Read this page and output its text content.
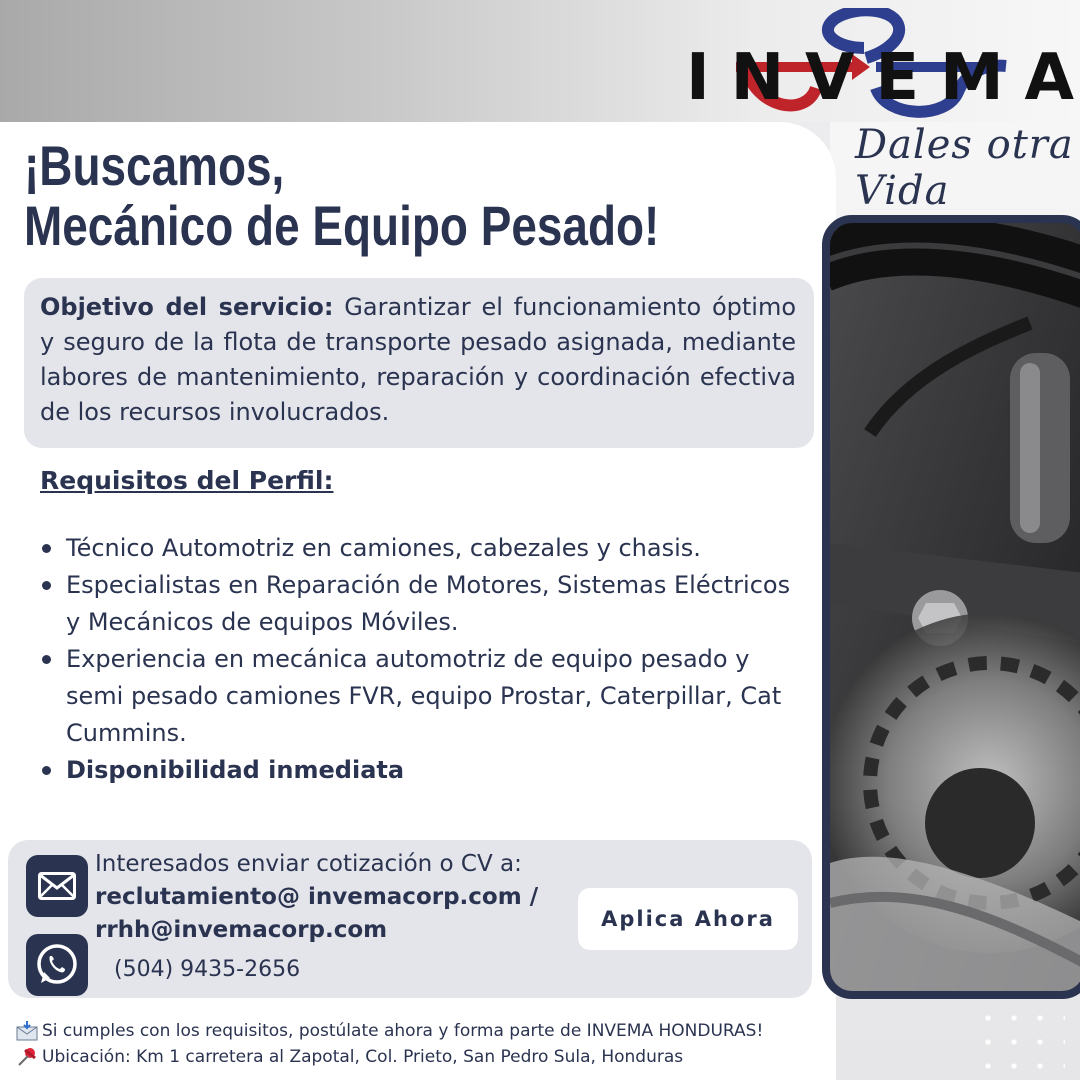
I N V E M A
Dales otra Vida
¡Buscamos,
Mecánico de Equipo Pesado!
Objetivo del servicio: Garantizar el funcionamiento óptimo y seguro de la flota de transporte pesado asignada, mediante labores de mantenimiento, reparación y coordinación efectiva de los recursos involucrados.
Requisitos del Perfil:
Técnico Automotriz en camiones, cabezales y chasis.
Especialistas en Reparación de Motores, Sistemas Eléctricos y Mecánicos de equipos Móviles.
Experiencia en mecánica automotriz de equipo pesado y semi pesado camiones FVR, equipo Prostar, Caterpillar, Cat Cummins.
Disponibilidad inmediata
Interesados enviar cotización o CV a:
reclutamiento@ invemacorp.com /
rrhh@invemacorp.com
(504) 9435-2656
Aplica Ahora
Si cumples con los requisitos, postúlate ahora y forma parte de INVEMA HONDURAS!
Ubicación: Km 1 carretera al Zapotal, Col. Prieto, San Pedro Sula, Honduras
